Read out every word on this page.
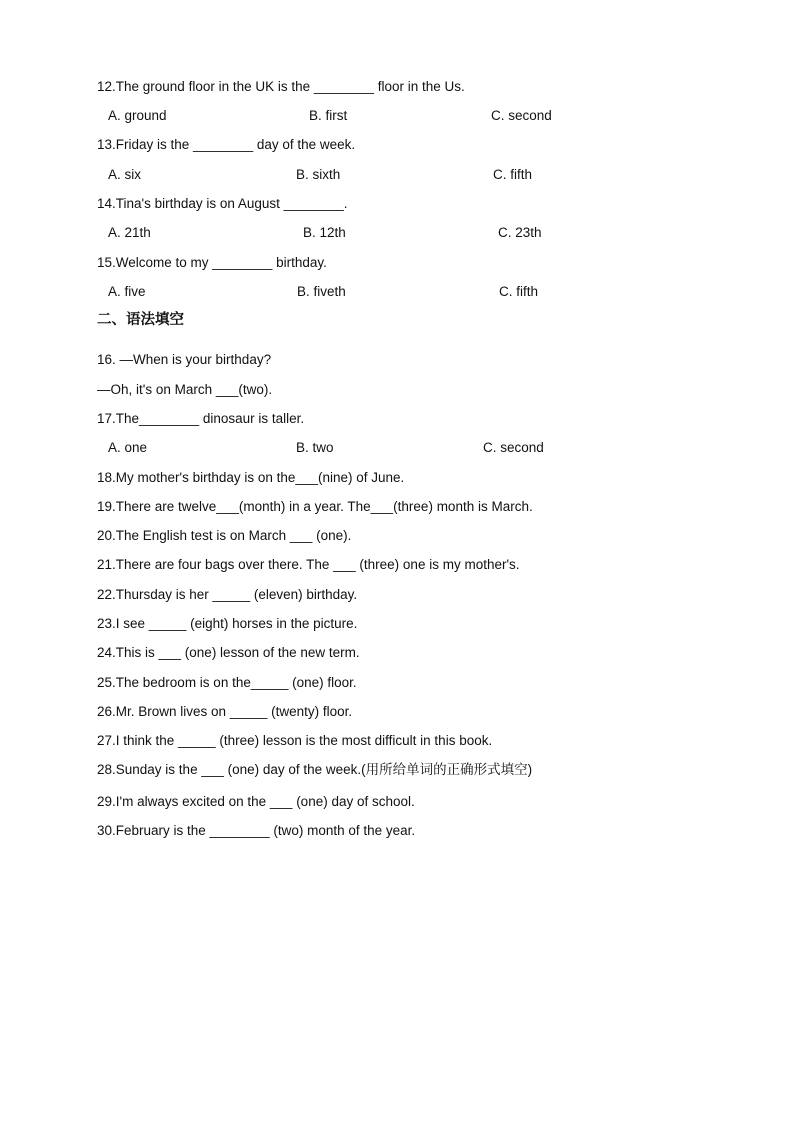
12.The ground floor in the UK is the ________ floor in the Us.
A. ground	B. first	C. second
13.Friday is the ________ day of the week.
A. six	B. sixth	C. fifth
14.Tina's birthday is on August ________.
A. 21th	B. 12th	C. 23th
15.Welcome to my ________ birthday.
A. five	B. fiveth	C. fifth
二、语法填空
16. —When is your birthday?
—Oh, it's on March ___(two).
17.The________ dinosaur is taller.
A. one	B. two	C. second
18.My mother's birthday is on the___(nine) of June.
19.There are twelve___(month) in a year. The___(three) month is March.
20.The English test is on March ___ (one).
21.There are four bags over there. The ___ (three) one is my mother's.
22.Thursday is her _____ (eleven) birthday.
23.I see _____ (eight) horses in the picture.
24.This is ___ (one) lesson of the new term.
25.The bedroom is on the_____ (one) floor.
26.Mr. Brown lives on _____ (twenty) floor.
27.I think the _____ (three) lesson is the most difficult in this book.
28.Sunday is the ___ (one) day of the week.(用所给单词的正确形式填空)
29.I'm always excited on the ___ (one) day of school.
30.February is the ________ (two) month of the year.
